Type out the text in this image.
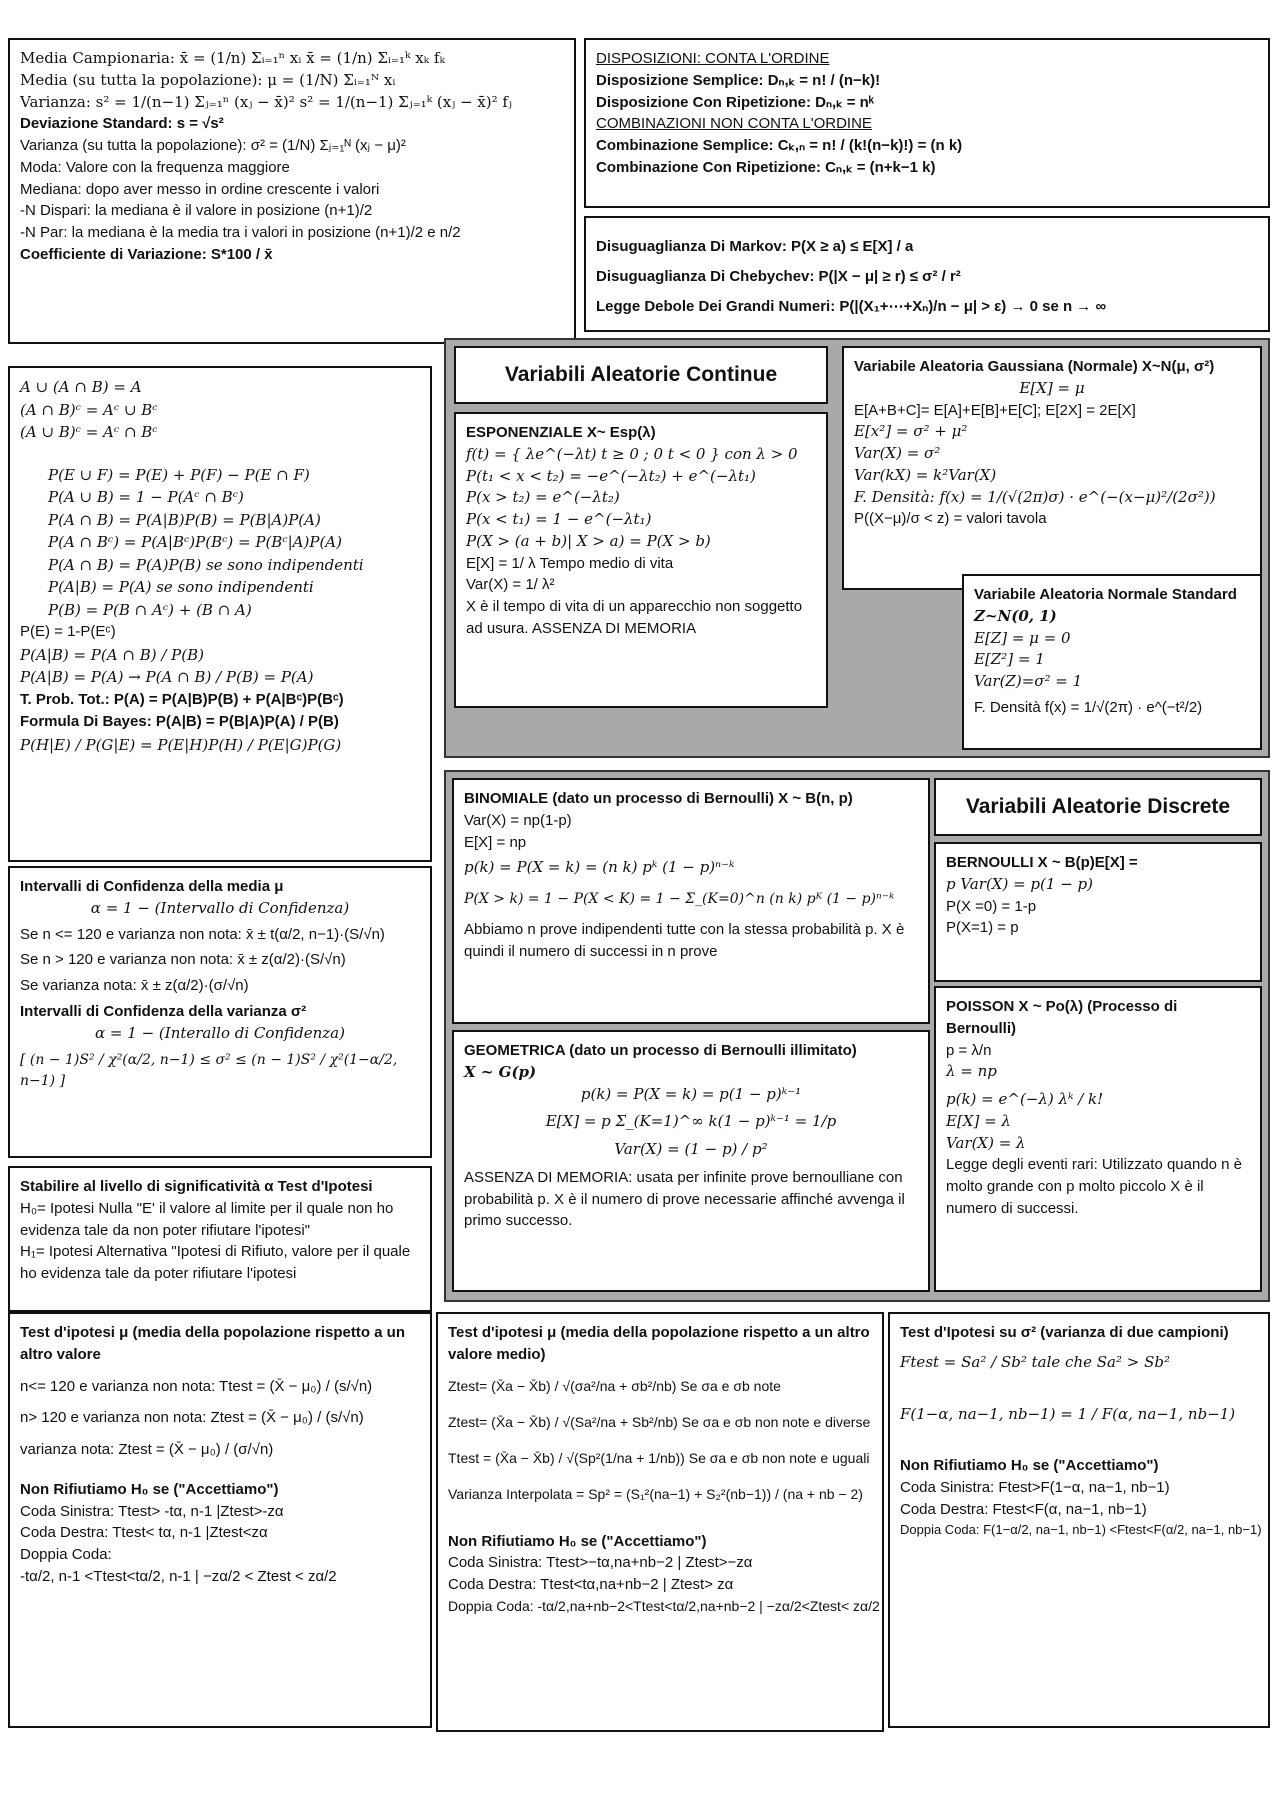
Media Campionaria: x̄ = (1/n) Σᵢ₌₁ⁿ xᵢ x̄ = (1/n) Σᵢ₌₁ᵏ xₖ fₖ
Media (su tutta la popolazione): μ = (1/N) Σᵢ₌₁ᴺ xᵢ
Varianza: s² = 1/(n−1) Σⱼ₌₁ⁿ (xⱼ − x̄)² s² = 1/(n−1) Σⱼ₌₁ᵏ (xⱼ − x̄)² fⱼ
Deviazione Standard: s = √s²
Varianza (su tutta la popolazione): σ² = (1/N) Σⱼ₌₁ᴺ (xⱼ − μ)²
Moda: Valore con la frequenza maggiore
Mediana: dopo aver messo in ordine crescente i valori
-N Dispari: la mediana è il valore in posizione (n+1)/2
-N Par: la mediana è la media tra i valori in posizione (n+1)/2 e n/2
Coefficiente di Variazione: S*100 / x̄
DISPOSIZIONI: CONTA L'ORDINE
Disposizione Semplice: Dₙ,ₖ = n! / (n−k)!
Disposizione Con Ripetizione: Dₙ,ₖ = nᵏ
COMBINAZIONI NON CONTA L'ORDINE
Combinazione Semplice: Cₖ,ₙ = n! / (k!(n−k)!) = (n k)
Combinazione Con Ripetizione: Cₙ,ₖ = (n+k−1 k)
Disuguaglianza Di Markov: P(X ≥ a) ≤ E[X] / a
Disuguaglianza Di Chebychev: P(|X − μ| ≥ r) ≤ σ² / r²
Legge Debole Dei Grandi Numeri: P(|(X₁+⋯+Xₙ)/n − μ| > ε) → 0 se n → ∞
A ∪ (A ∩ B) = A
(A ∩ B)ᶜ = Aᶜ ∪ Bᶜ
(A ∪ B)ᶜ = Aᶜ ∩ Bᶜ
P(E ∪ F) = P(E) + P(F) − P(E ∩ F)
P(A ∪ B) = 1 − P(Aᶜ ∩ Bᶜ)
P(A ∩ B) = P(A|B)P(B) = P(B|A)P(A)
P(A ∩ Bᶜ) = P(A|Bᶜ)P(Bᶜ) = P(Bᶜ|A)P(A)
P(A ∩ B) = P(A)P(B) se sono indipendenti
P(A|B) = P(A) se sono indipendenti
P(B) = P(B ∩ Aᶜ) + (B ∩ A)
P(E) = 1-P(Eᶜ)
P(A|B) = P(A ∩ B) / P(B)
P(A|B) = P(A) → P(A ∩ B) / P(B) = P(A)
T. Prob. Tot.: P(A) = P(A|B)P(B) + P(A|Bᶜ)P(Bᶜ)
Formula Di Bayes: P(A|B) = P(B|A)P(A) / P(B)
P(H|E) / P(G|E) = P(E|H)P(H) / P(E|G)P(G)
Intervalli di Confidenza della media μ
α = 1 − (Intervallo di Confidenza)
Se n <= 120 e varianza non nota: x̄ ± t(α/2, n−1)·(S/√n)
Se n > 120 e varianza non nota: x̄ ± z(α/2)·(S/√n)
Se varianza nota: x̄ ± z(α/2)·(σ/√n)
Intervalli di Confidenza della varianza σ²
α = 1 − (Interallo di Confidenza)
[ (n − 1)S² / χ²(α/2, n−1) ≤ σ² ≤ (n − 1)S² / χ²(1−α/2, n−1) ]
Stabilire al livello di significatività α Test d'Ipotesi
H₀= Ipotesi Nulla "E' il valore al limite per il quale non ho evidenza tale da non poter rifiutare l'ipotesi"
H₁= Ipotesi Alternativa "Ipotesi di Rifiuto, valore per il quale ho evidenza tale da poter rifiutare l'ipotesi
Variabili Aleatorie Continue
ESPONENZIALE X~ Esp(λ)
f(t) = { λe^(−λt) t ≥ 0 ; 0 t < 0 } con λ > 0
P(t₁ < x < t₂) = −e^(−λt₂) + e^(−λt₁)
P(x > t₂) = e^(−λt₂)
P(x < t₁) = 1 − e^(−λt₁)
P(X > (a + b)| X > a) = P(X > b)
E[X] = 1/ λ Tempo medio di vita
Var(X) = 1/ λ²
X è il tempo di vita di un apparecchio non soggetto ad usura. ASSENZA DI MEMORIA
Variabile Aleatoria Gaussiana (Normale) X~N(μ, σ²)
E[X] = μ
E[A+B+C]= E[A]+E[B]+E[C]; E[2X] = 2E[X]
E[x²] = σ² + μ²
Var(X) = σ²
Var(kX) = k²Var(X)
F. Densità: f(x) = 1/(√(2π)σ) · e^(−(x−μ)²/(2σ²))
P((X−μ)/σ < z) = valori tavola
Variabile Aleatoria Normale Standard
Z~N(0, 1)
E[Z] = μ = 0
E[Z²] = 1
Var(Z)=σ² = 1
F. Densità f(x) = 1/√(2π) · e^(−t²/2)
BINOMIALE (dato un processo di Bernoulli) X ~ B(n, p)
Var(X) = np(1-p)
E[X] = np
p(k) = P(X = k) = (n k) pᵏ (1 − p)ⁿ⁻ᵏ
P(X > k) = 1 − P(X < K) = 1 − Σ_(K=0)^n (n k) pᴷ (1 − p)ⁿ⁻ᵏ
Abbiamo n prove indipendenti tutte con la stessa probabilità p. X è quindi il numero di successi in n prove
Variabili Aleatorie Discrete
BERNOULLI X ~ B(p)E[X] =
p Var(X) = p(1 − p)
P(X =0) = 1-p
P(X=1) = p
GEOMETRICA (dato un processo di Bernoulli illimitato)
X ~ G(p)
p(k) = P(X = k) = p(1 − p)ᵏ⁻¹
E[X] = p Σ_(K=1)^∞ k(1 − p)ᵏ⁻¹ = 1/p
Var(X) = (1 − p) / p²
ASSENZA DI MEMORIA: usata per infinite prove bernoulliane con probabilità p. X è il numero di prove necessarie affinché avvenga il primo successo.
POISSON X ~ Po(λ) (Processo di Bernoulli)
p = λ/n
λ = np
p(k) = e^(−λ) λᵏ / k!
E[X] = λ
Var(X) = λ
Legge degli eventi rari: Utilizzato quando n è molto grande con p molto piccolo X è il numero di successi.
Test d'ipotesi μ (media della popolazione rispetto a un altro valore
n<= 120 e varianza non nota: Ttest = (X̄ − μ₀) / (s/√n)
n> 120 e varianza non nota: Ztest = (X̄ − μ₀) / (s/√n)
varianza nota: Ztest = (X̄ − μ₀) / (σ/√n)
Non Rifiutiamo H₀ se ("Accettiamo")
Coda Sinistra: Ttest> -tα, n-1 |Ztest>-zα
Coda Destra: Ttest< tα, n-1 |Ztest<zα
Doppia Coda:
-tα/2, n-1 <Ttest<tα/2, n-1 | −zα/2 < Ztest < zα/2
Test d'ipotesi μ (media della popolazione rispetto a un altro valore medio)
Ztest= (X̄a − X̄b) / √(σa²/na + σb²/nb) Se σa e σb note
Ztest= (X̄a − X̄b) / √(Sa²/na + Sb²/nb) Se σa e σb non note e diverse
Ttest = (X̄a − X̄b) / √(Sp²(1/na + 1/nb)) Se σa e σb non note e uguali
Varianza Interpolata = Sp² = (S₁²(na−1) + S₂²(nb−1)) / (na + nb − 2)
Non Rifiutiamo H₀ se ("Accettiamo")
Coda Sinistra: Ttest>−tα,na+nb−2 | Ztest>−zα
Coda Destra: Ttest<tα,na+nb−2 | Ztest> zα
Doppia Coda: -tα/2,na+nb−2<Ttest<tα/2,na+nb−2 | −zα/2<Ztest< zα/2
Test d'Ipotesi su σ² (varianza di due campioni)
Ftest = Sa² / Sb² tale che Sa² > Sb²
F(1−α, na−1, nb−1) = 1 / F(α, na−1, nb−1)
Non Rifiutiamo H₀ se ("Accettiamo")
Coda Sinistra: Ftest>F(1−α, na−1, nb−1)
Coda Destra: Ftest<F(α, na−1, nb−1)
Doppia Coda: F(1−α/2, na−1, nb−1) <Ftest<F(α/2, na−1, nb−1)
